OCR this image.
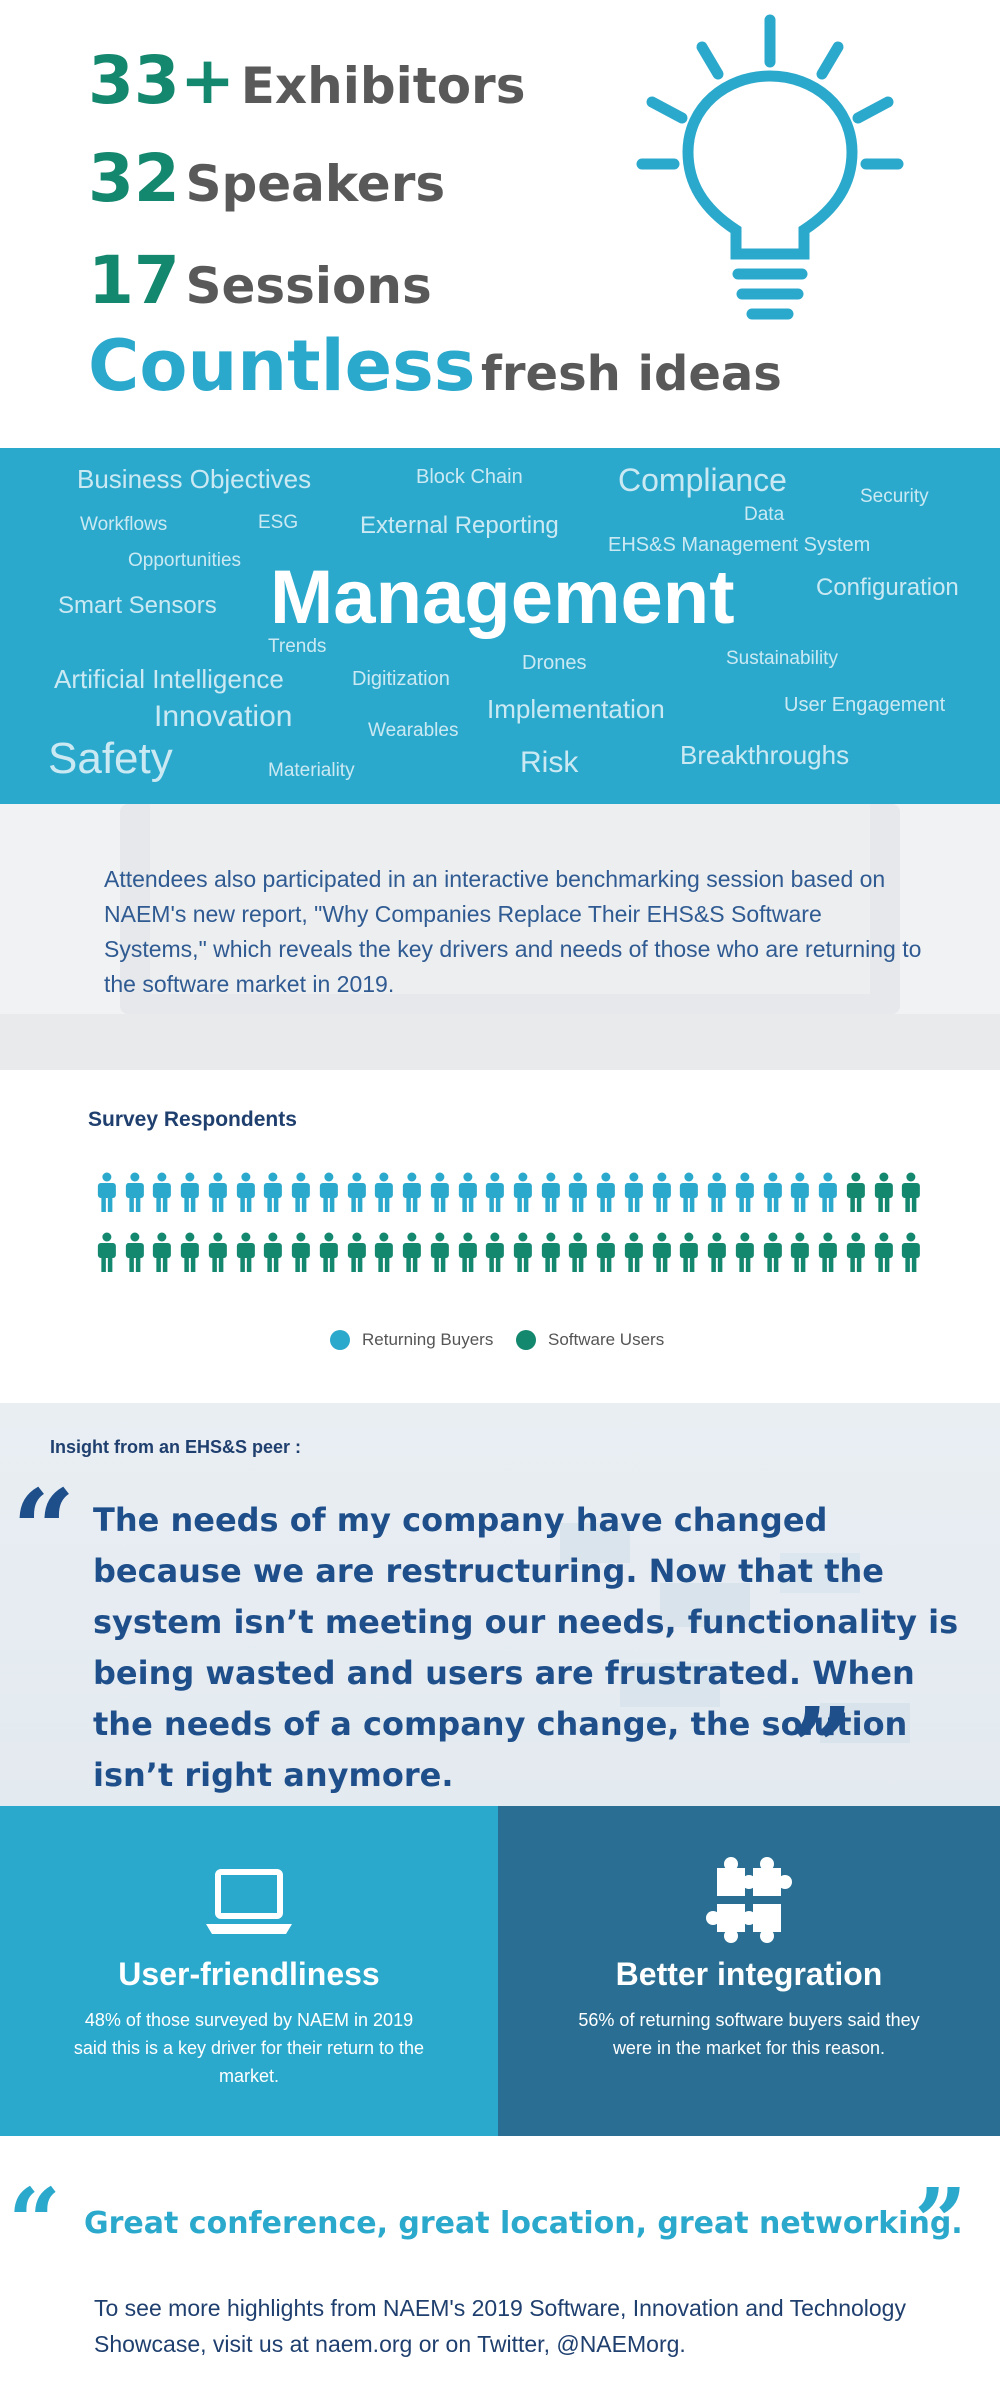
33+ Exhibitors
32 Speakers
17 Sessions
Countless fresh ideas
Business Objectives	Block Chain	Compliance	Security
Data
Workflows	ESG	External Reporting
EHS&S Management System
Opportunities
Smart Sensors Management	Configuration
Trends
Artificial Intelligence	Digitization
Drones	Sustainability
Innovation	Implementation	User Engagement
Wearables
Safety	Materiality	Risk	Breakthroughs
Attendees also participated in an interactive benchmarking session based on NAEM's new report, "Why Companies Replace Their EHS&S Software Systems," which reveals the key drivers and needs of those who are returning to the software market in 2019.
Survey Respondents
Returning Buyers	Software Users
Insight from an EHS&S peer :
“ The needs of my company have changed because we are restructuring. Now that the system isn’t meeting our needs, functionality is being wasted and users are frustrated. When the needs of a company change, the solution isn’t right anymore.	”
User-friendliness
48% of those surveyed by NAEM in 2019 said this is a key driver for their return to the market.
Better integration
56% of returning software buyers said they were in the market for this reason.
“ Great conference, great location, great networking.
”
To see more highlights from NAEM's 2019 Software, Innovation and Technology Showcase, visit us at naem.org or on Twitter, @NAEMorg.
